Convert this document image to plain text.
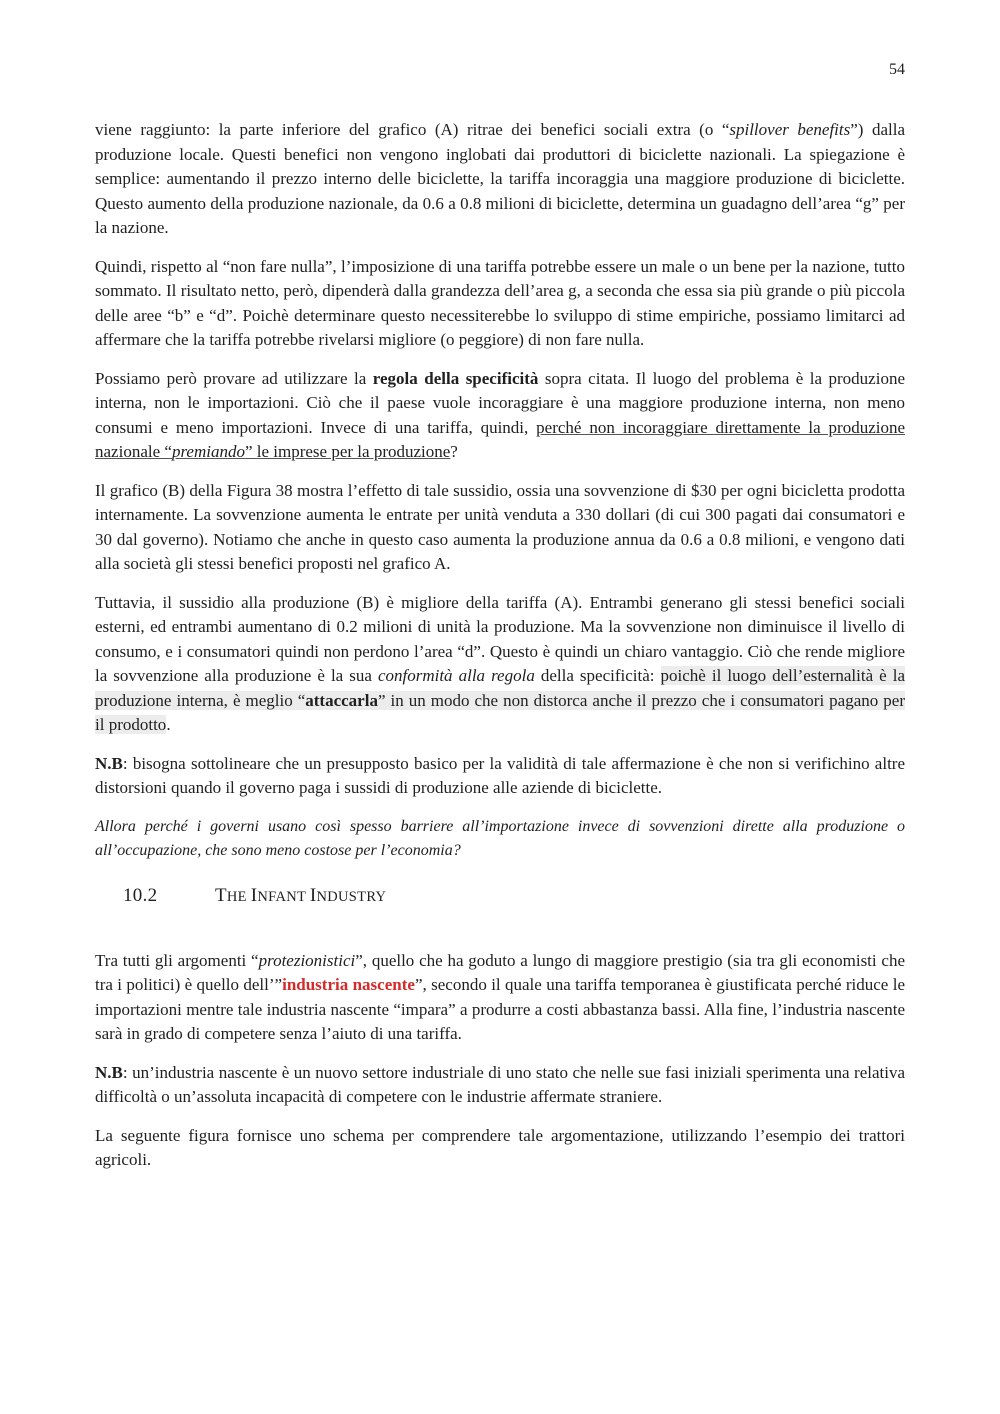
54

viene raggiunto: la parte inferiore del grafico (A) ritrae dei benefici sociali extra (o “spillover benefits”) dalla produzione locale. Questi benefici non vengono inglobati dai produttori di biciclette nazionali. La spiegazione è semplice: aumentando il prezzo interno delle biciclette, la tariffa incoraggia una maggiore produzione di biciclette. Questo aumento della produzione nazionale, da 0.6 a 0.8 milioni di biciclette, determina un guadagno dell’area “g” per la nazione.

Quindi, rispetto al “non fare nulla”, l’imposizione di una tariffa potrebbe essere un male o un bene per la nazione, tutto sommato. Il risultato netto, però, dipenderà dalla grandezza dell’area g, a seconda che essa sia più grande o più piccola delle aree “b” e “d”. Poichè determinare questo necessiterebbe lo sviluppo di stime empiriche, possiamo limitarci ad affermare che la tariffa potrebbe rivelarsi migliore (o peggiore) di non fare nulla.

Possiamo però provare ad utilizzare la regola della specificità sopra citata. Il luogo del problema è la produzione interna, non le importazioni. Ciò che il paese vuole incoraggiare è una maggiore produzione interna, non meno consumi e meno importazioni. Invece di una tariffa, quindi, perché non incoraggiare direttamente la produzione nazionale “premiando” le imprese per la produzione?

Il grafico (B) della Figura 38 mostra l’effetto di tale sussidio, ossia una sovvenzione di $30 per ogni bicicletta prodotta internamente. La sovvenzione aumenta le entrate per unità venduta a 330 dollari (di cui 300 pagati dai consumatori e 30 dal governo). Notiamo che anche in questo caso aumenta la produzione annua da 0.6 a 0.8 milioni, e vengono dati alla società gli stessi benefici proposti nel grafico A.

Tuttavia, il sussidio alla produzione (B) è migliore della tariffa (A). Entrambi generano gli stessi benefici sociali esterni, ed entrambi aumentano di 0.2 milioni di unità la produzione. Ma la sovvenzione non diminuisce il livello di consumo, e i consumatori quindi non perdono l’area “d”. Questo è quindi un chiaro vantaggio. Ciò che rende migliore la sovvenzione alla produzione è la sua conformità alla regola della specificità: poichè il luogo dell’esternalità è la produzione interna, è meglio “attaccarla” in un modo che non distorca anche il prezzo che i consumatori pagano per il prodotto.

N.B: bisogna sottolineare che un presupposto basico per la validità di tale affermazione è che non si verifichino altre distorsioni quando il governo paga i sussidi di produzione alle aziende di biciclette.

Allora perché i governi usano così spesso barriere all’importazione invece di sovvenzioni dirette alla produzione o all’occupazione, che sono meno costose per l’economia?

10.2	THE INFANT INDUSTRY

Tra tutti gli argomenti “protezionistici”, quello che ha goduto a lungo di maggiore prestigio (sia tra gli economisti che tra i politici) è quello dell’”industria nascente”, secondo il quale una tariffa temporanea è giustificata perché riduce le importazioni mentre tale industria nascente “impara” a produrre a costi abbastanza bassi. Alla fine, l’industria nascente sarà in grado di competere senza l’aiuto di una tariffa.

N.B: un’industria nascente è un nuovo settore industriale di uno stato che nelle sue fasi iniziali sperimenta una relativa difficoltà o un’assoluta incapacità di competere con le industrie affermate straniere.

La seguente figura fornisce uno schema per comprendere tale argomentazione, utilizzando l’esempio dei trattori agricoli.
